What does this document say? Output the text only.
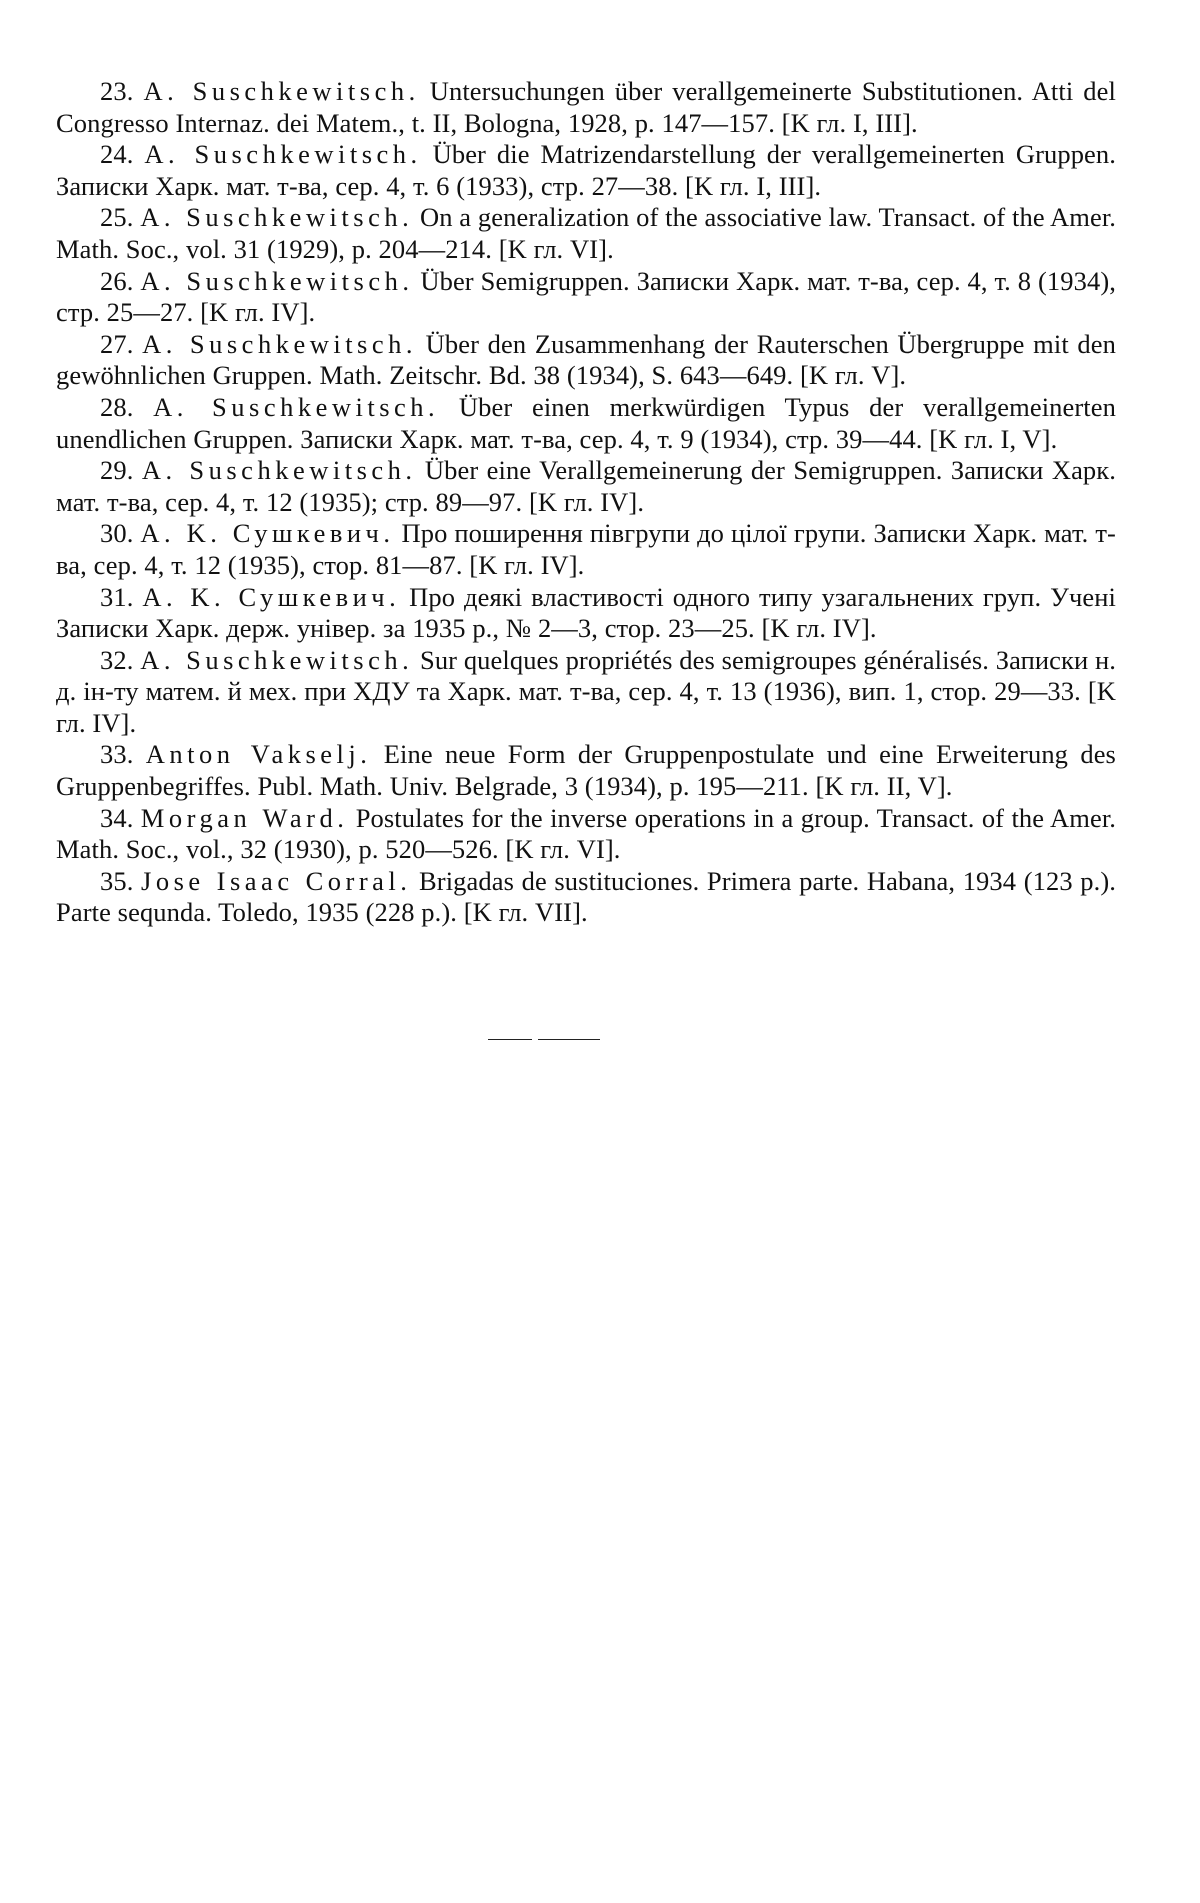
23. A. Suschkewitsch. Untersuchungen über verallgemeinerte Substitutionen. Atti del Congresso Internaz. dei Matem., t. II, Bologna, 1928, p. 147—157. [K гл. I, III].
24. A. Suschkewitsch. Über die Matrizendarstellung der verallgemeinerten Gruppen. Записки Харк. мат. т-ва, сер. 4, т. 6 (1933), стр. 27—38. [K гл. I, III].
25. A. Suschkewitsch. On a generalization of the associative law. Transact. of the Amer. Math. Soc., vol. 31 (1929), p. 204—214. [K гл. VI].
26. A. Suschkewitsch. Über Semigruppen. Записки Харк. мат. т-ва, сер. 4, т. 8 (1934), стр. 25—27. [K гл. IV].
27. A. Suschkewitsch. Über den Zusammenhang der Rauterschen Übergruppe mit den gewöhnlichen Gruppen. Math. Zeitschr. Bd. 38 (1934), S. 643—649. [K гл. V].
28. A. Suschkewitsch. Über einen merkwürdigen Typus der verallgemeinerten unendlichen Gruppen. Записки Харк. мат. т-ва, сер. 4, т. 9 (1934), стр. 39—44. [K гл. I, V].
29. A. Suschkewitsch. Über eine Verallgemeinerung der Semigruppen. Записки Харк. мат. т-ва, сер. 4, т. 12 (1935); стр. 89—97. [K гл. IV].
30. A. K. Сушкевич. Про поширення півгрупи до цілої групи. Записки Харк. мат. т-ва, сер. 4, т. 12 (1935), стор. 81—87. [K гл. IV].
31. A. K. Сушкевич. Про деякі властивості одного типу узагальнених груп. Учені Записки Харк. держ. універ. за 1935 р., № 2—3, стор. 23—25. [K гл. IV].
32. A. Suschkewitsch. Sur quelques propriétés des semigroupes généralisés. Записки н. д. ін-ту матем. й мех. при ХДУ та Харк. мат. т-ва, сер. 4, т. 13 (1936), вип. 1, стор. 29—33. [K гл. IV].
33. Anton Vakselj. Eine neue Form der Gruppenpostulate und eine Erweiterung des Gruppenbegriffes. Publ. Math. Univ. Belgrade, 3 (1934), p. 195—211. [K гл. II, V].
34. Morgan Ward. Postulates for the inverse operations in a group. Transact. of the Amer. Math. Soc., vol., 32 (1930), p. 520—526. [K гл. VI].
35. Jose Isaac Corral. Brigadas de sustituciones. Primera parte. Habana, 1934 (123 p.). Parte sequnda. Toledo, 1935 (228 p.). [K гл. VII].
